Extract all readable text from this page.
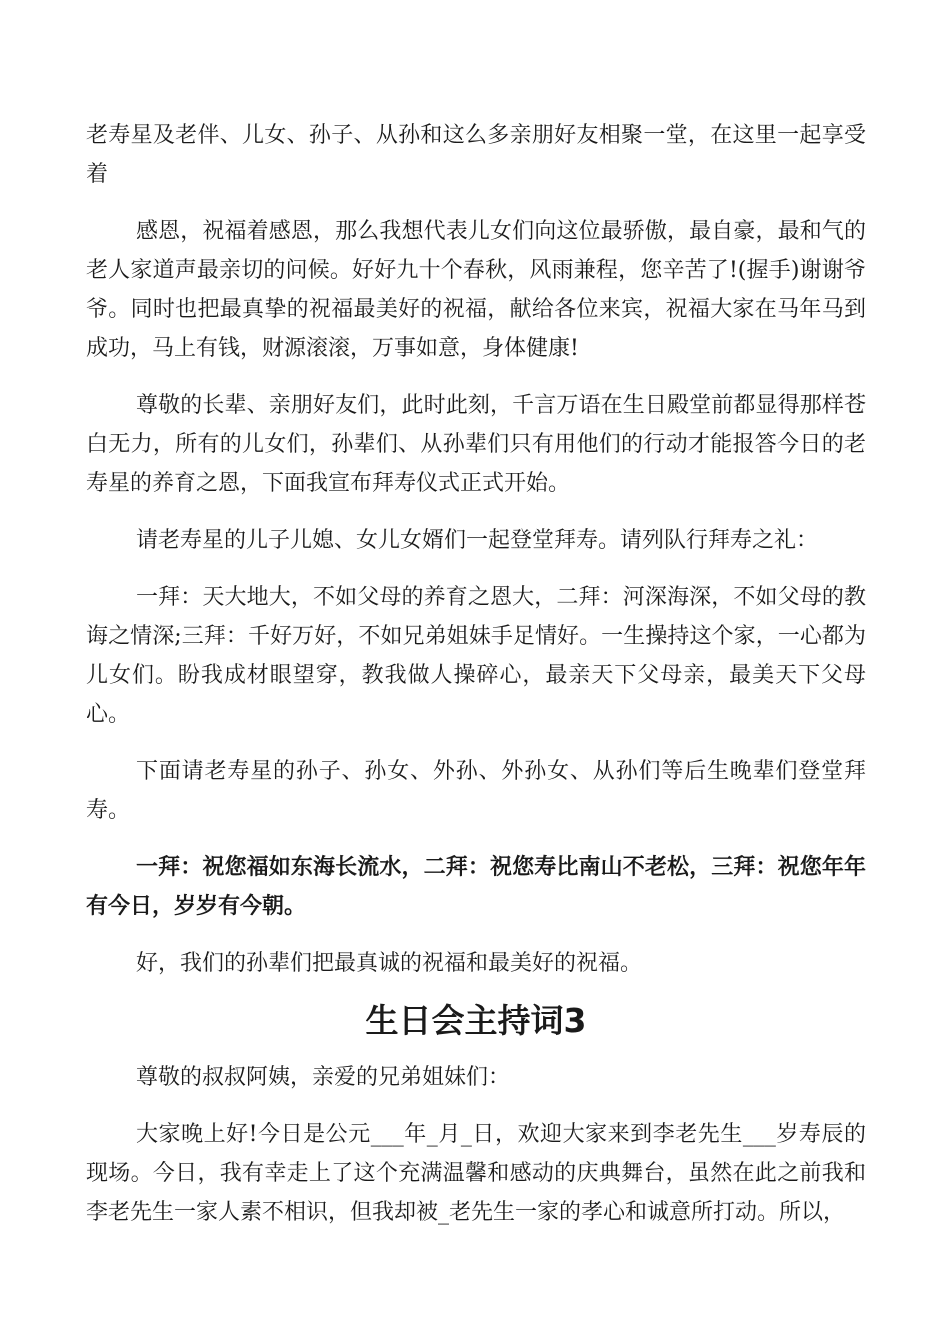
老寿星及老伴、儿女、孙子、从孙和这么多亲朋好友相聚一堂，在这里一起享受着

感恩，祝福着感恩，那么我想代表儿女们向这位最骄傲，最自豪，最和气的老人家道声最亲切的问候。好好九十个春秋，风雨兼程，您辛苦了!(握手)谢谢爷爷。同时也把最真挚的祝福最美好的祝福，献给各位来宾，祝福大家在马年马到成功，马上有钱，财源滚滚，万事如意，身体健康!

尊敬的长辈、亲朋好友们，此时此刻，千言万语在生日殿堂前都显得那样苍白无力，所有的儿女们，孙辈们、从孙辈们只有用他们的行动才能报答今日的老寿星的养育之恩，下面我宣布拜寿仪式正式开始。

请老寿星的儿子儿媳、女儿女婿们一起登堂拜寿。请列队行拜寿之礼：

一拜：天大地大，不如父母的养育之恩大，二拜：河深海深，不如父母的教诲之情深;三拜：千好万好，不如兄弟姐妹手足情好。一生操持这个家，一心都为儿女们。盼我成材眼望穿，教我做人操碎心，最亲天下父母亲，最美天下父母心。

下面请老寿星的孙子、孙女、外孙、外孙女、从孙们等后生晚辈们登堂拜寿。

一拜：祝您福如东海长流水，二拜：祝您寿比南山不老松，三拜：祝您年年有今日，岁岁有今朝。

好，我们的孙辈们把最真诚的祝福和最美好的祝福。

生日会主持词3

尊敬的叔叔阿姨，亲爱的兄弟姐妹们：

大家晚上好!今日是公元___年_月_日，欢迎大家来到李老先生___岁寿辰的现场。今日，我有幸走上了这个充满温馨和感动的庆典舞台，虽然在此之前我和李老先生一家人素不相识，但我却被_老先生一家的孝心和诚意所打动。所以，
